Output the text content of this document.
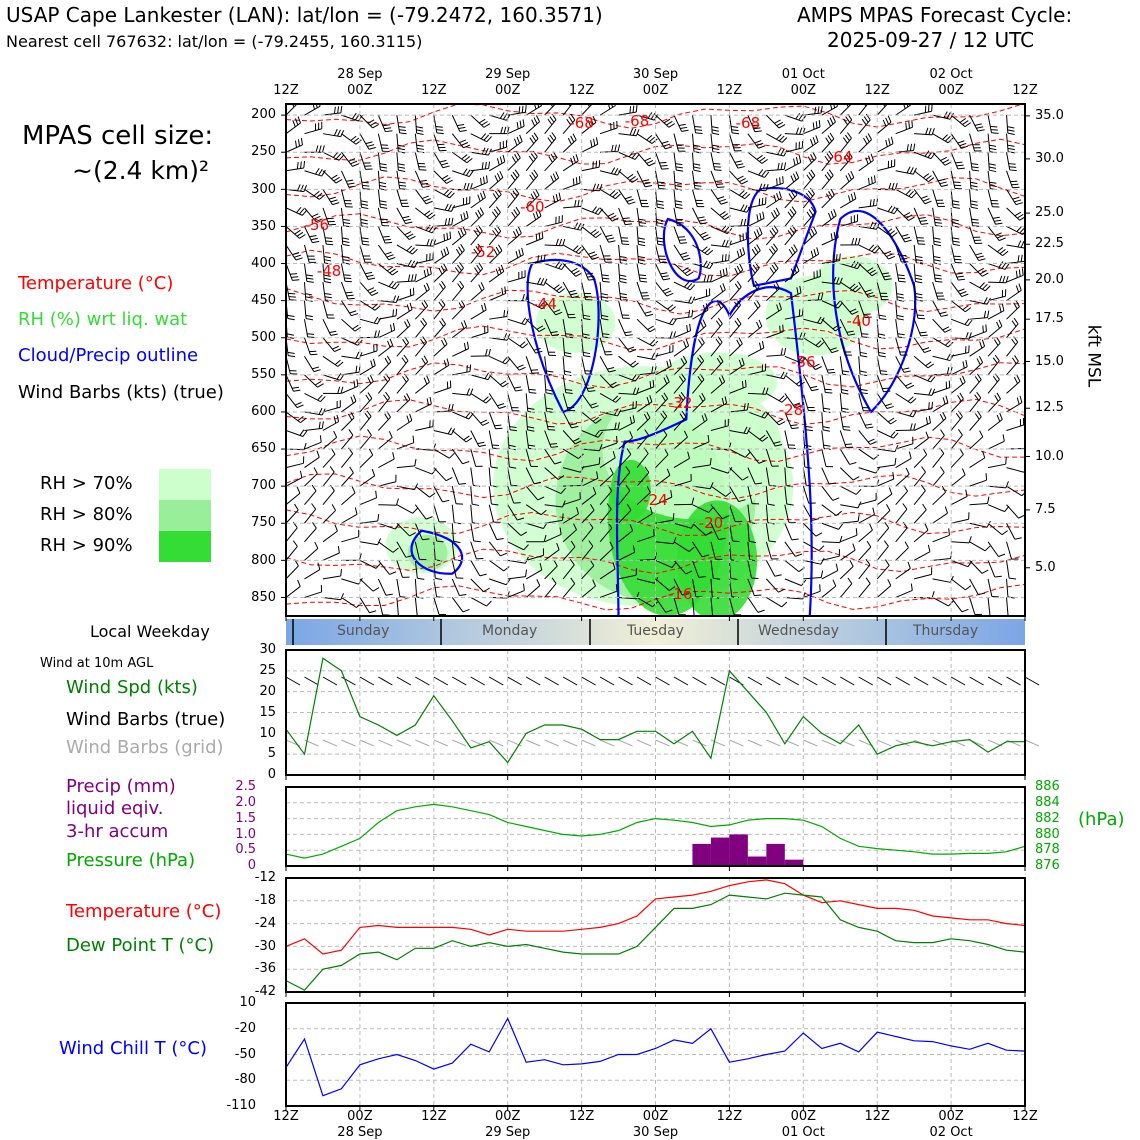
USAP Cape Lankester (LAN): lat/lon = (-79.2472, 160.3571)
Nearest cell 767632: lat/lon = (-79.2455, 160.3115)
AMPS MPAS Forecast Cycle:
2025-09-27 / 12 UTC
MPAS cell size:
~(2.4 km)²
Temperature (°C)
RH (%) wrt liq. wat
Cloud/Precip outline
Wind Barbs (kts) (true)
RH > 70%
RH > 80%
RH > 90%
kft MSL
Local Weekday	Sunday	Monday	Tuesday	Wednesday	Thursday
Wind at 10m AGL
Wind Spd (kts)
Wind Barbs (true)
Wind Barbs (grid)
Precip (mm)
liquid eqiv.
3-hr accum
Pressure (hPa)
(hPa)
Temperature (°C)
Dew Point T (°C)
Wind Chill T (°C)
200
250
300
350
400
450
500
550
600
650
700
750
800
850
35.0
30.0
25.0
22.5
20.0
17.5
15.0
12.5
10.0
7.5
5.0
12Z	00Z	12Z	00Z	12Z	00Z	12Z	00Z	12Z	00Z	12Z
12Z	00Z	12Z	00Z	12Z	00Z	12Z	00Z	12Z	00Z	12Z
28 Sep
28 Sep
29 Sep
29 Sep
30 Sep
30 Sep
01 Oct
01 Oct
02 Oct
02 Oct
-68 -68	-68
-64
-60
-56
-52
-48
-44
-40
-36
-32	-28
-24
-20
-16
0
5
10
15
20
25
30
0
0.5
1.0
1.5
2.0
2.5
876
878
880
882
884
886
-12
-18
-24
-30
-36
-42
10
-20
-50
-80
-110
